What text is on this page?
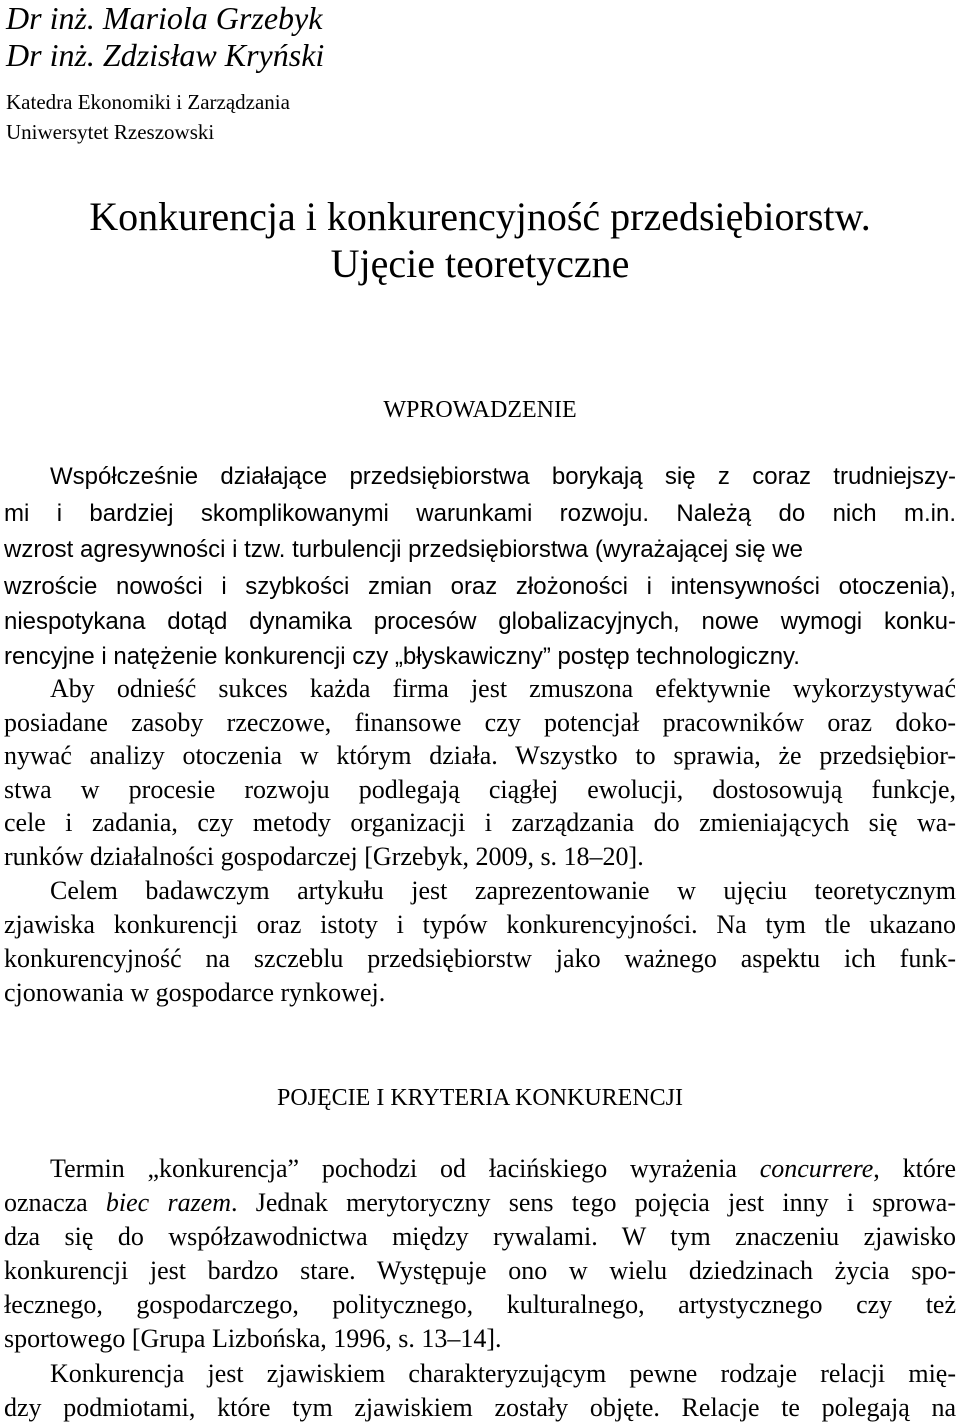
Dr inż. Mariola Grzebyk
Dr inż. Zdzisław Kryński
Katedra Ekonomiki i Zarządzania
Uniwersytet Rzeszowski
Konkurencja i konkurencyjność przedsiębiorstw.
Ujęcie teoretyczne
WPROWADZENIE
Współcześnie działające przedsiębiorstwa borykają się z coraz trudniejszy-
mi i bardziej skomplikowanymi warunkami rozwoju. Należą do nich m.in.
wzrost agresywności i tzw. turbulencji przedsiębiorstwa (wyrażającej się we
wzroście nowości i szybkości zmian oraz złożoności i intensywności otoczenia),
niespotykana dotąd dynamika procesów globalizacyjnych, nowe wymogi konku-
rencyjne i natężenie konkurencji czy „błyskawiczny” postęp technologiczny.
Aby odnieść sukces każda firma jest zmuszona efektywnie wykorzystywać
posiadane zasoby rzeczowe, finansowe czy potencjał pracowników oraz doko-
nywać analizy otoczenia w którym działa. Wszystko to sprawia, że przedsiębior-
stwa w procesie rozwoju podlegają ciągłej ewolucji, dostosowują funkcje,
cele i zadania, czy metody organizacji i zarządzania do zmieniających się wa-
runków działalności gospodarczej [Grzebyk, 2009, s. 18–20].
Celem badawczym artykułu jest zaprezentowanie w ujęciu teoretycznym
zjawiska konkurencji oraz istoty i typów konkurencyjności. Na tym tle ukazano
konkurencyjność na szczeblu przedsiębiorstw jako ważnego aspektu ich funk-
cjonowania w gospodarce rynkowej.
POJĘCIE I KRYTERIA KONKURENCJI
Termin „konkurencja” pochodzi od łacińskiego wyrażenia concurrere, które
oznacza biec razem. Jednak merytoryczny sens tego pojęcia jest inny i sprowa-
dza się do współzawodnictwa między rywalami. W tym znaczeniu zjawisko
konkurencji jest bardzo stare. Występuje ono w wielu dziedzinach życia spo-
łecznego, gospodarczego, politycznego, kulturalnego, artystycznego czy też
sportowego [Grupa Lizbońska, 1996, s. 13–14].
Konkurencja jest zjawiskiem charakteryzującym pewne rodzaje relacji mię-
dzy podmiotami, które tym zjawiskiem zostały objęte. Relacje te polegają na
